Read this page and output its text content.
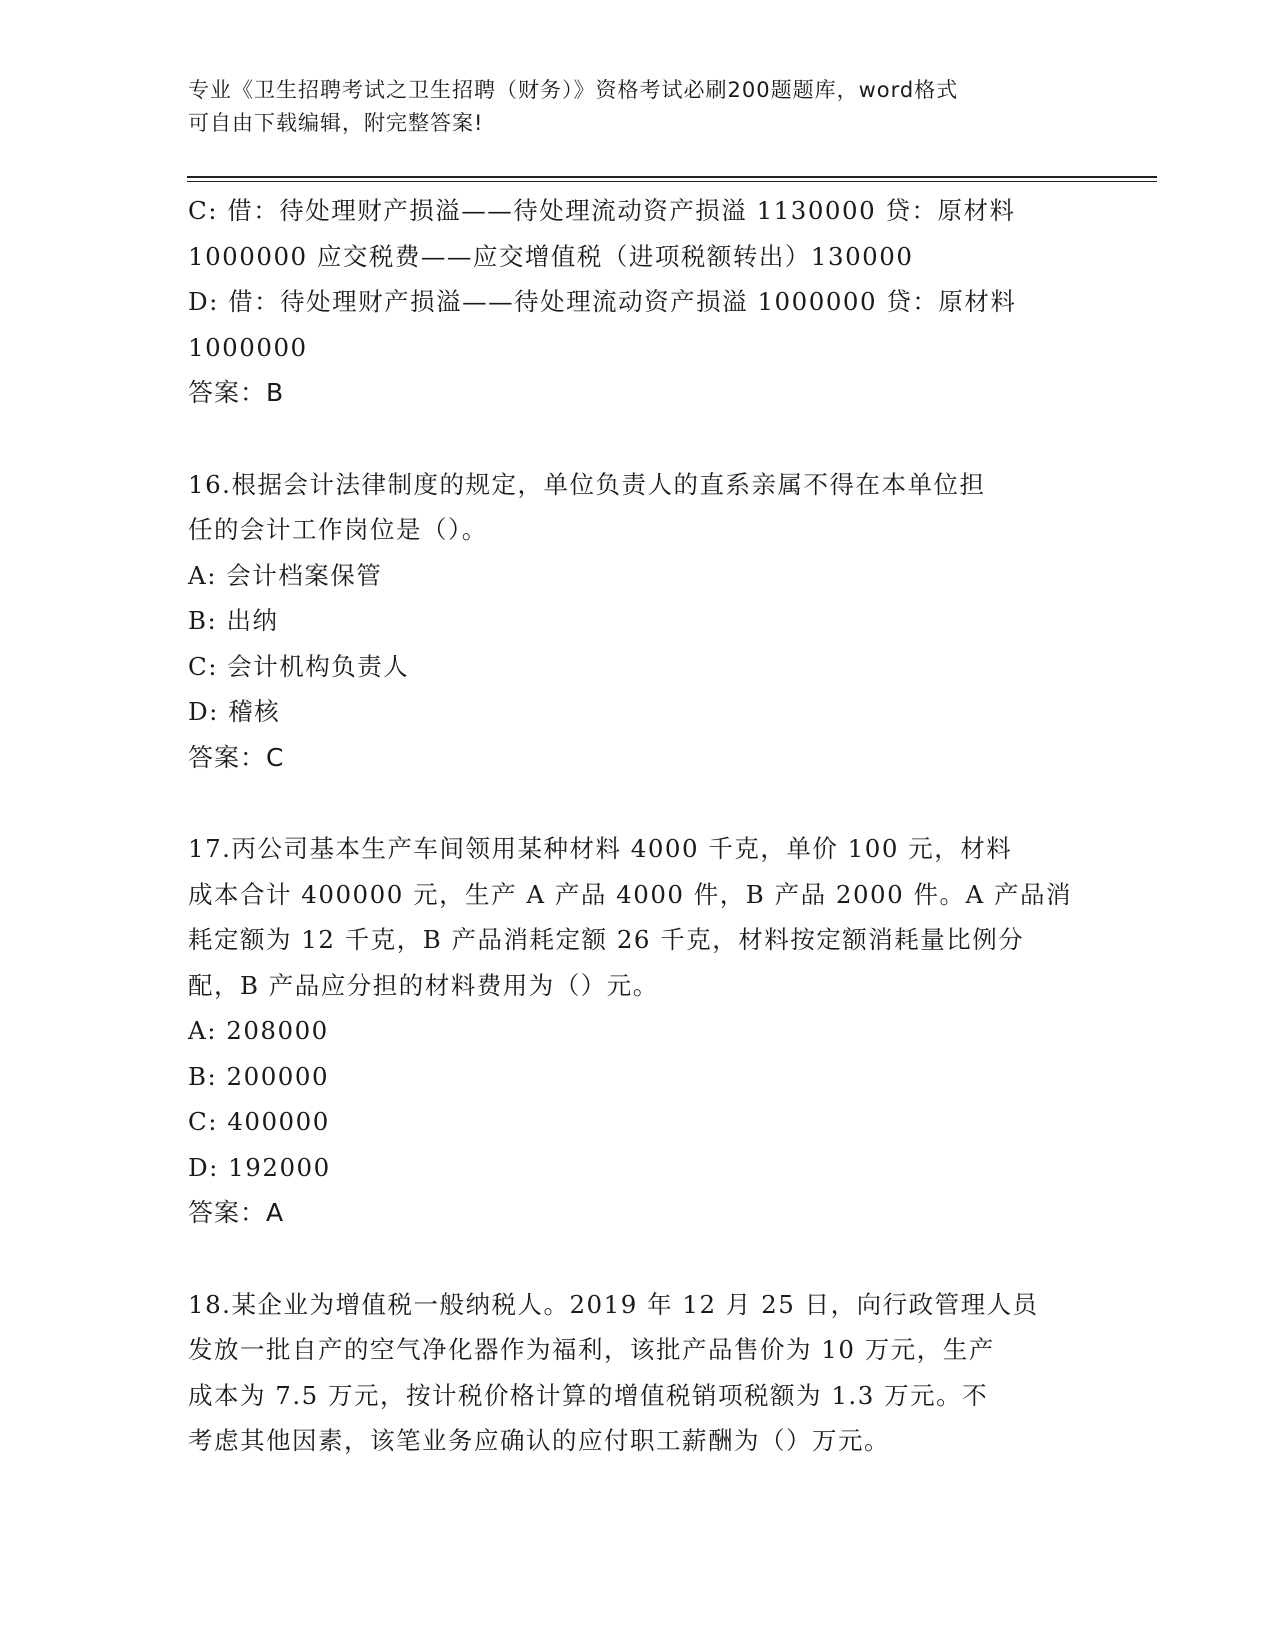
专业《卫生招聘考试之卫生招聘（财务）》资格考试必刷200题题库，word格式
可自由下载编辑，附完整答案!
C: 借：待处理财产损溢——待处理流动资产损溢 1130000 贷：原材料
1000000 应交税费——应交增值税（进项税额转出）130000
D: 借：待处理财产损溢——待处理流动资产损溢 1000000 贷：原材料
1000000
答案：B
16.根据会计法律制度的规定，单位负责人的直系亲属不得在本单位担
任的会计工作岗位是（）。
A: 会计档案保管
B: 出纳
C: 会计机构负责人
D: 稽核
答案：C
17.丙公司基本生产车间领用某种材料 4000 千克，单价 100 元，材料
成本合计 400000 元，生产 A 产品 4000 件，B 产品 2000 件。A 产品消
耗定额为 12 千克，B 产品消耗定额 26 千克，材料按定额消耗量比例分
配，B 产品应分担的材料费用为（）元。
A: 208000
B: 200000
C: 400000
D: 192000
答案：A
18.某企业为增值税一般纳税人。2019 年 12 月 25 日，向行政管理人员
发放一批自产的空气净化器作为福利，该批产品售价为 10 万元，生产
成本为 7.5 万元，按计税价格计算的增值税销项税额为 1.3 万元。不
考虑其他因素，该笔业务应确认的应付职工薪酬为（）万元。
